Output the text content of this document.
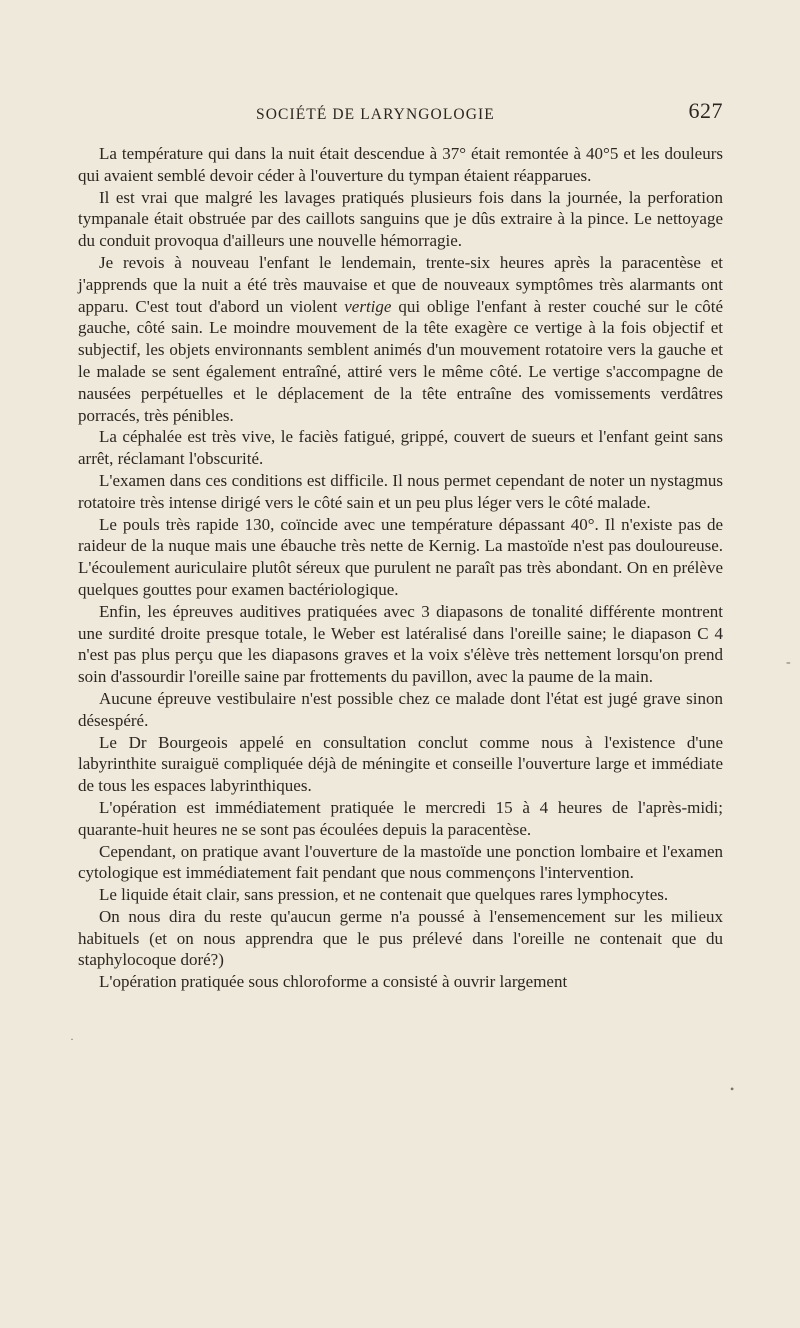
SOCIÉTÉ DE LARYNGOLOGIE	627

La température qui dans la nuit était descendue à 37° était remontée à 40°5 et les douleurs qui avaient semblé devoir céder à l'ouverture du tympan étaient réapparues.

Il est vrai que malgré les lavages pratiqués plusieurs fois dans la journée, la perforation tympanale était obstruée par des caillots sanguins que je dûs extraire à la pince. Le nettoyage du conduit provoqua d'ailleurs une nouvelle hémorragie.

Je revois à nouveau l'enfant le lendemain, trente-six heures après la paracentèse et j'apprends que la nuit a été très mauvaise et que de nouveaux symptômes très alarmants ont apparu. C'est tout d'abord un violent vertige qui oblige l'enfant à rester couché sur le côté gauche, côté sain. Le moindre mouvement de la tête exagère ce vertige à la fois objectif et subjectif, les objets environnants semblent animés d'un mouvement rotatoire vers la gauche et le malade se sent également entraîné, attiré vers le même côté. Le vertige s'accompagne de nausées perpétuelles et le déplacement de la tête entraîne des vomissements verdâtres porracés, très pénibles.

La céphalée est très vive, le faciès fatigué, grippé, couvert de sueurs et l'enfant geint sans arrêt, réclamant l'obscurité.

L'examen dans ces conditions est difficile. Il nous permet cependant de noter un nystagmus rotatoire très intense dirigé vers le côté sain et un peu plus léger vers le côté malade.

Le pouls très rapide 130, coïncide avec une température dépassant 40°. Il n'existe pas de raideur de la nuque mais une ébauche très nette de Kernig. La mastoïde n'est pas douloureuse. L'écoulement auriculaire plutôt séreux que purulent ne paraît pas très abondant. On en prélève quelques gouttes pour examen bactériologique.

Enfin, les épreuves auditives pratiquées avec 3 diapasons de tonalité différente montrent une surdité droite presque totale, le Weber est latéralisé dans l'oreille saine; le diapason C 4 n'est pas plus perçu que les diapasons graves et la voix s'élève très nettement lorsqu'on prend soin d'assourdir l'oreille saine par frottements du pavillon, avec la paume de la main.

Aucune épreuve vestibulaire n'est possible chez ce malade dont l'état est jugé grave sinon désespéré.

Le Dr Bourgeois appelé en consultation conclut comme nous à l'existence d'une labyrinthite suraiguë compliquée déjà de méningite et conseille l'ouverture large et immédiate de tous les espaces labyrinthiques.

L'opération est immédiatement pratiquée le mercredi 15 à 4 heures de l'après-midi; quarante-huit heures ne se sont pas écoulées depuis la paracentèse.

Cependant, on pratique avant l'ouverture de la mastoïde une ponction lombaire et l'examen cytologique est immédiatement fait pendant que nous commençons l'intervention.

Le liquide était clair, sans pression, et ne contenait que quelques rares lymphocytes.

On nous dira du reste qu'aucun germe n'a poussé à l'ensemencement sur les milieux habituels (et on nous apprendra que le pus prélevé dans l'oreille ne contenait que du staphylocoque doré?)

L'opération pratiquée sous chloroforme a consisté à ouvrir largement

-
•
·
